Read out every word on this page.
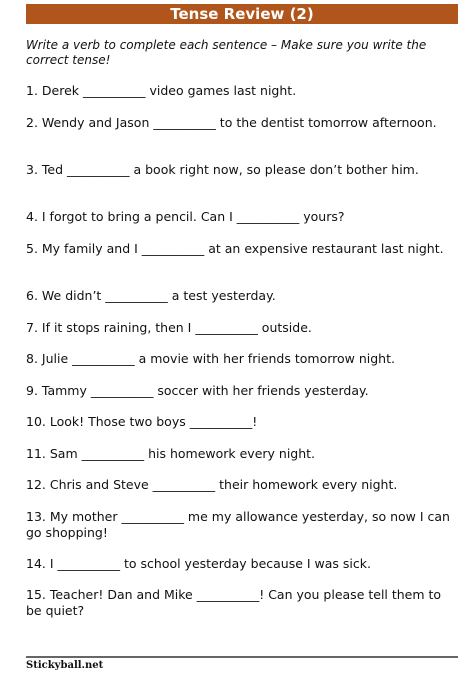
Tense Review (2)
Write a verb to complete each sentence – Make sure you write the correct tense!

1. Derek __________ video games last night.

2. Wendy and Jason __________ to the dentist tomorrow afternoon.

3. Ted __________ a book right now, so please don’t bother him.

4. I forgot to bring a pencil. Can I __________ yours?

5. My family and I __________ at an expensive restaurant last night.

6. We didn’t __________ a test yesterday.

7. If it stops raining, then I __________ outside.

8. Julie __________ a movie with her friends tomorrow night.

9. Tammy __________ soccer with her friends yesterday.

10. Look! Those two boys __________!

11. Sam __________ his homework every night.

12. Chris and Steve __________ their homework every night.

13. My mother __________ me my allowance yesterday, so now I can go shopping!

14. I __________ to school yesterday because I was sick.

15. Teacher! Dan and Mike __________! Can you please tell them to be quiet?

Stickyball.net
